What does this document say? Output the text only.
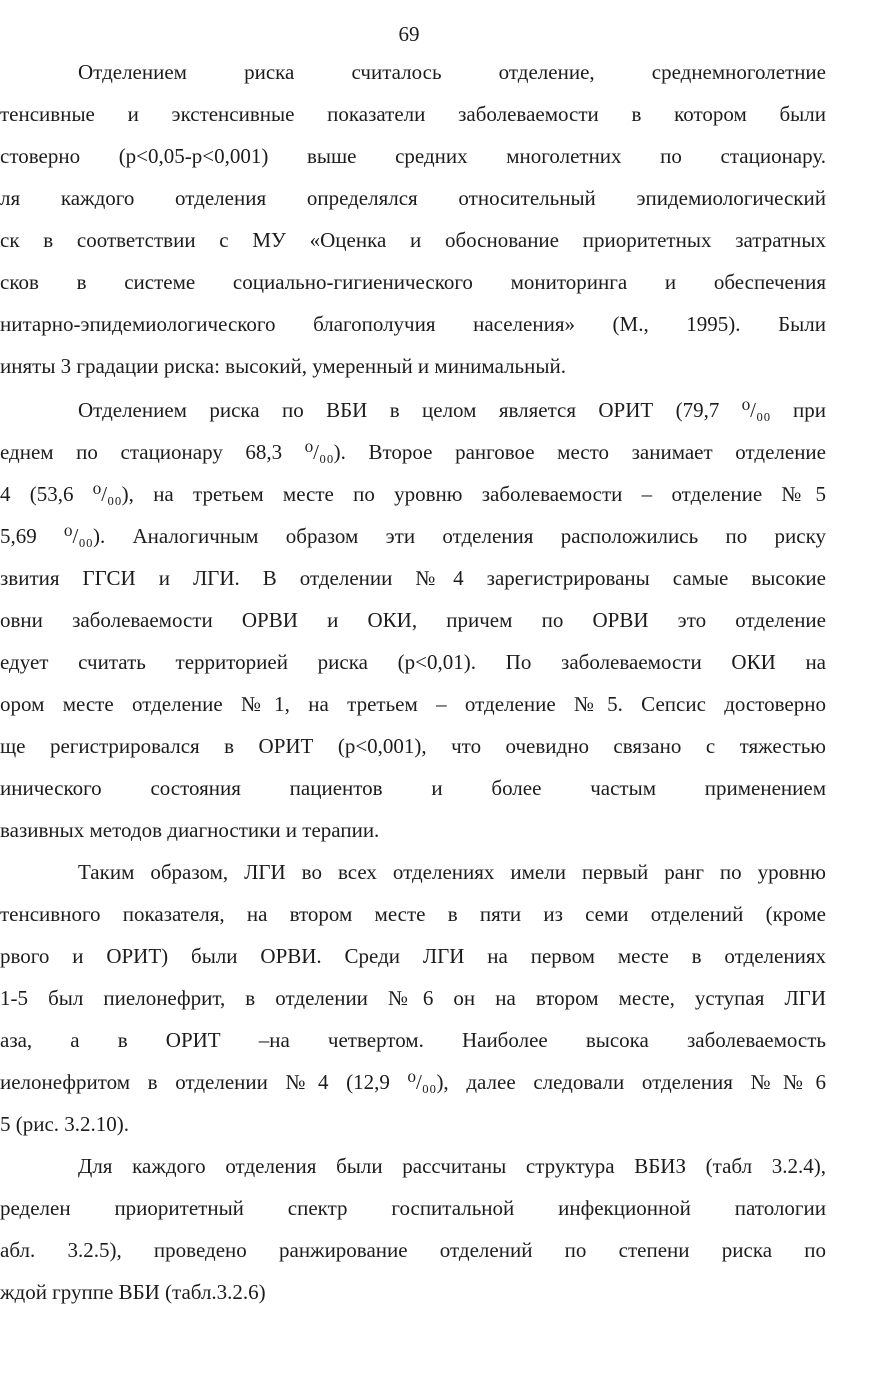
69
Отделением риска считалось отделение, среднемноголетние
тенсивные и экстенсивные показатели заболеваемости в котором были
стоверно (р<0,05-р<0,001) выше средних многолетних по стационару.
ля каждого отделения определялся относительный эпидемиологический
ск в соответствии с МУ «Оценка и обоснование приоритетных затратных
сков в системе социально-гигиенического мониторинга и обеспечения
нитарно-эпидемиологического благополучия населения» (М., 1995). Были
иняты 3 градации риска: высокий, умеренный и минимальный.
Отделением риска по ВБИ в целом является ОРИТ (79,7 ⁰/₀₀ при
еднем по стационару 68,3 ⁰/₀₀). Второе ранговое место занимает отделение
4 (53,6 ⁰/₀₀), на третьем месте по уровню заболеваемости – отделение №5
5,69 ⁰/₀₀). Аналогичным образом эти отделения расположились по риску
звития ГГСИ и ЛГИ. В отделении №4 зарегистрированы самые высокие
овни заболеваемости ОРВИ и ОКИ, причем по ОРВИ это отделение
едует считать территорией риска (р<0,01). По заболеваемости ОКИ на
ором месте отделение №1, на третьем – отделение №5. Сепсис достоверно
ще регистрировался в ОРИТ (р<0,001), что очевидно связано с тяжестью
инического состояния пациентов и более частым применением
вазивных методов диагностики и терапии.
Таким образом, ЛГИ во всех отделениях имели первый ранг по уровню
тенсивного показателя, на втором месте в пяти из семи отделений (кроме
рвого и ОРИТ) были ОРВИ. Среди ЛГИ на первом месте в отделениях
1-5 был пиелонефрит, в отделении №6 он на втором месте, уступая ЛГИ
аза, а в ОРИТ –на четвертом. Наиболее высока заболеваемость
иелонефритом в отделении №4 (12,9 ⁰/₀₀), далее следовали отделения №№6
5 (рис. 3.2.10).
Для каждого отделения были рассчитаны структура ВБИЗ (табл 3.2.4),
ределен приоритетный спектр госпитальной инфекционной патологии
абл. 3.2.5), проведено ранжирование отделений по степени риска по
ждой группе ВБИ (табл.3.2.6)
